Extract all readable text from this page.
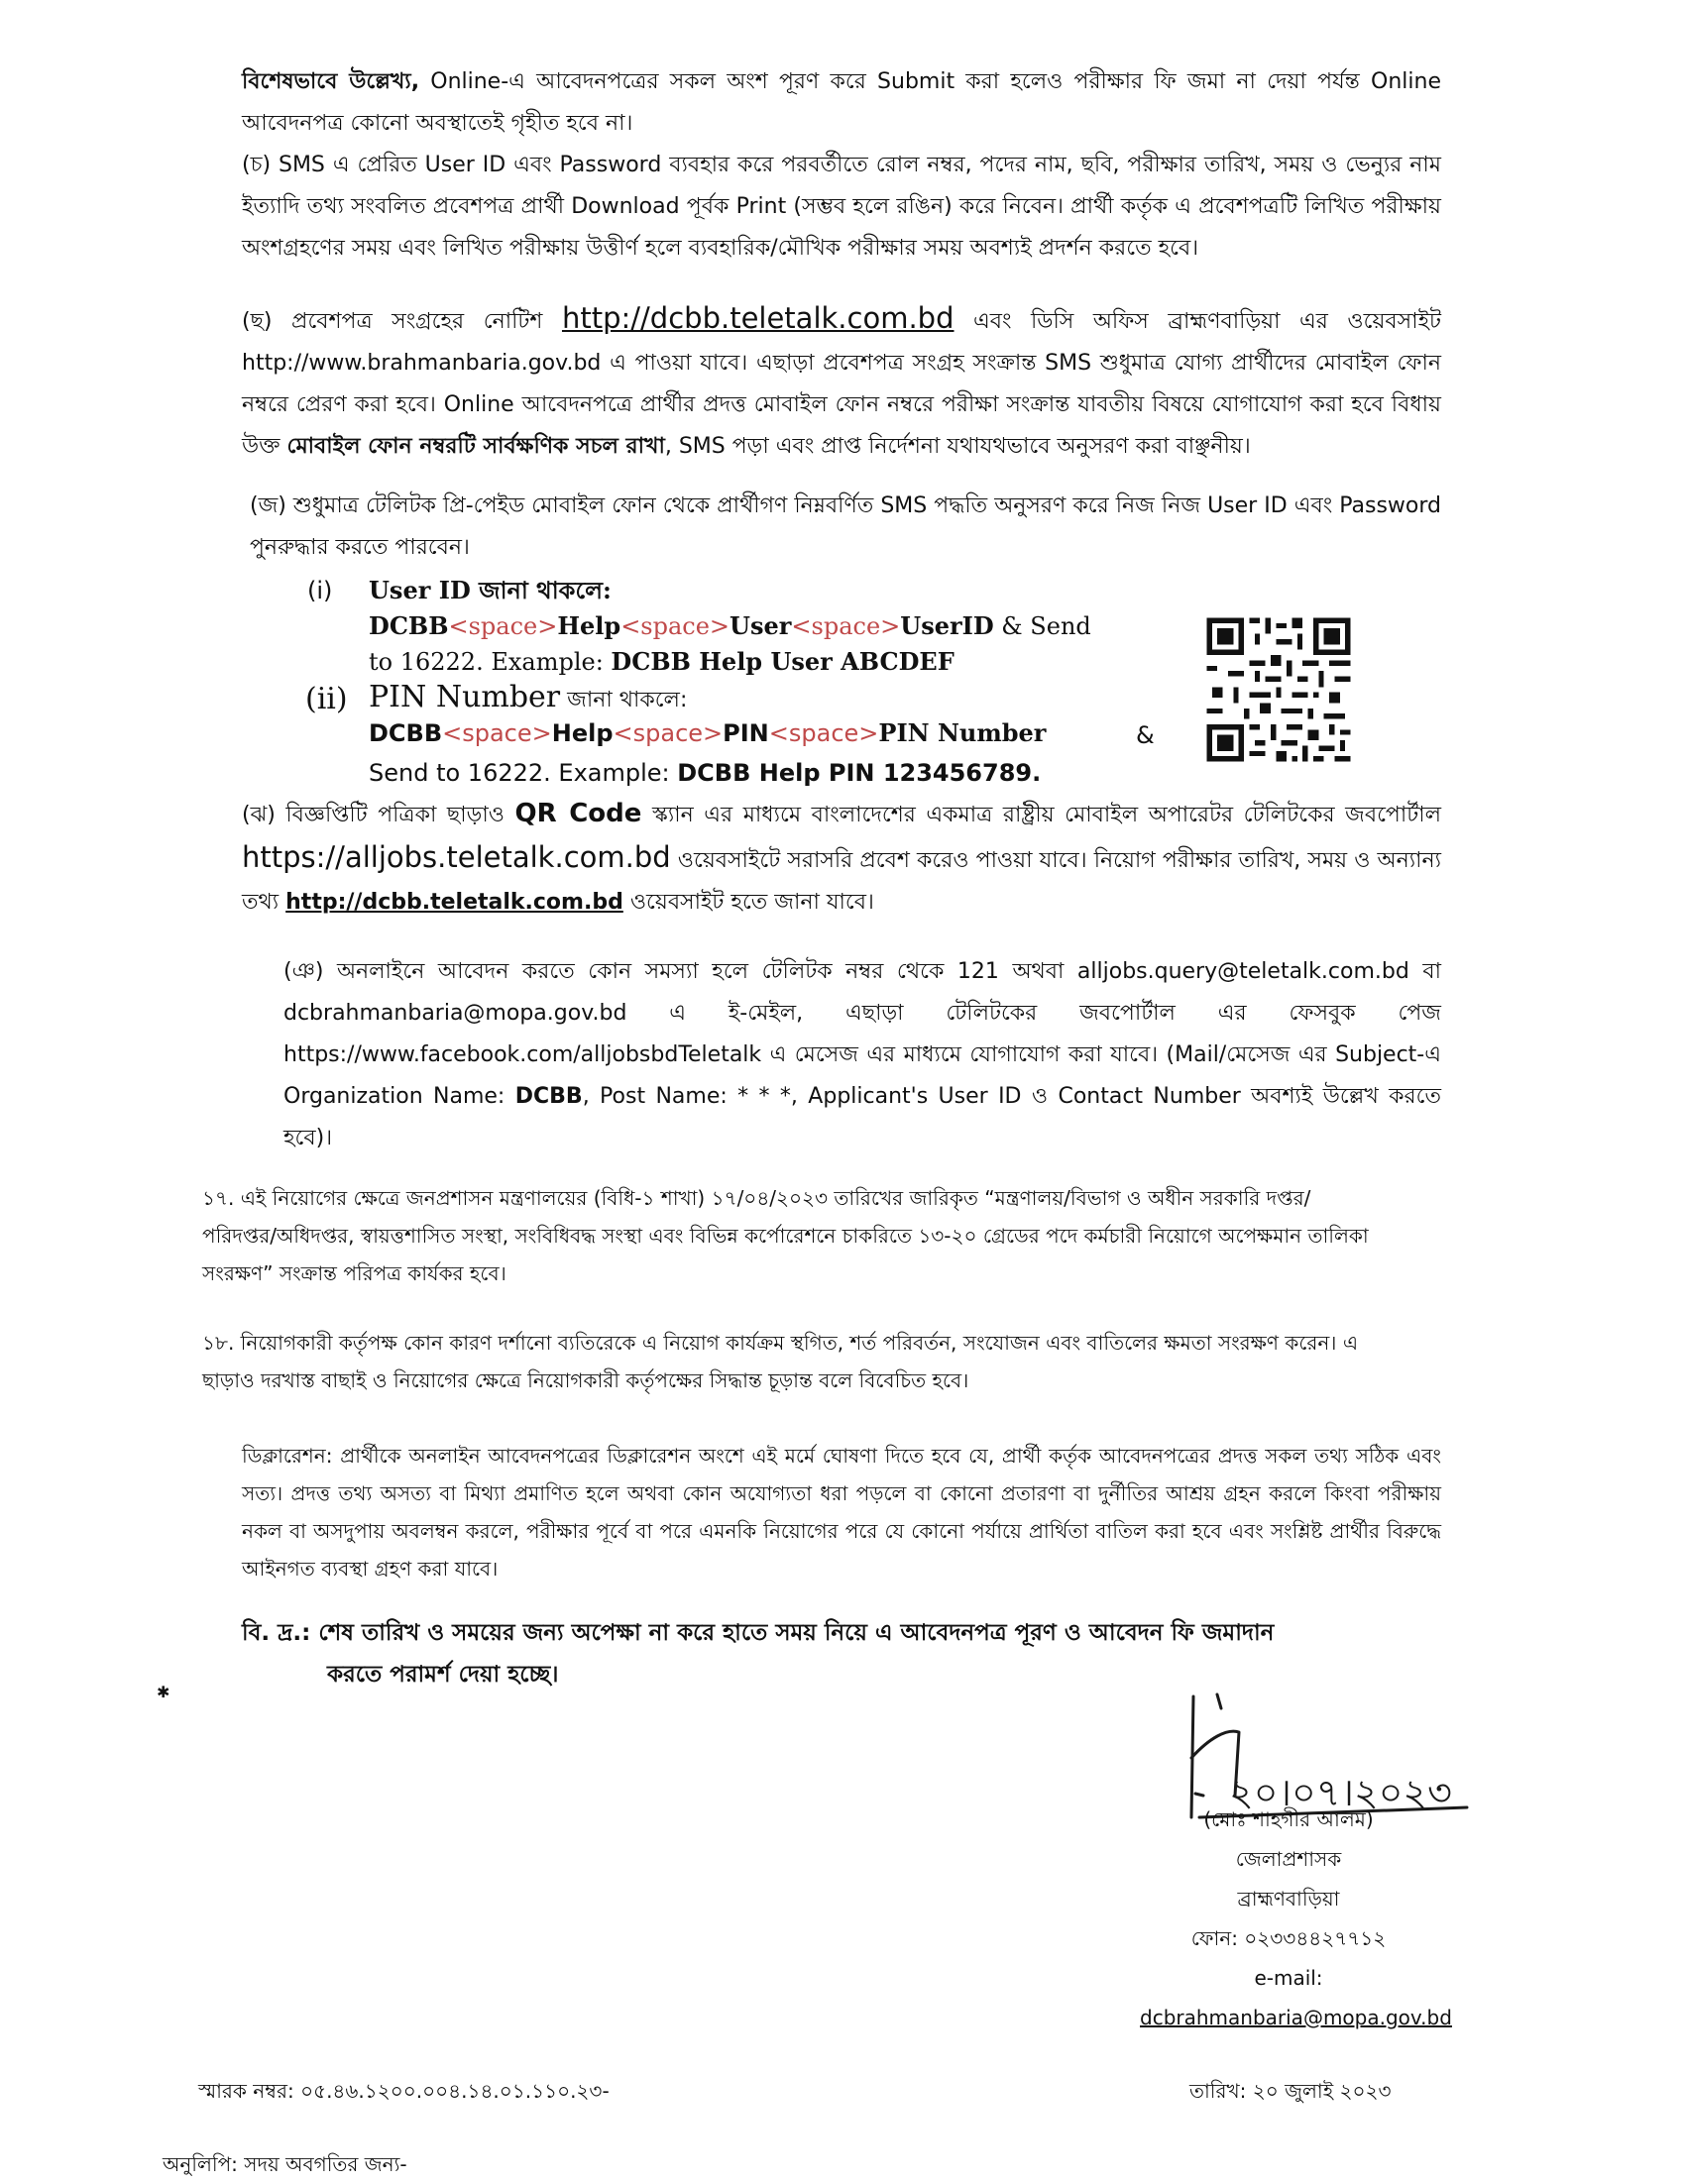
বিশেষভাবে উল্লেখ্য, Online-এ আবেদনপত্রের সকল অংশ পূরণ করে Submit করা হলেও পরীক্ষার ফি জমা না দেয়া পর্যন্ত Online আবেদনপত্র কোনো অবস্থাতেই গৃহীত হবে না।
(চ) SMS এ প্রেরিত User ID এবং Password ব্যবহার করে পরবর্তীতে রোল নম্বর, পদের নাম, ছবি, পরীক্ষার তারিখ, সময় ও ভেন্যুর নাম ইত্যাদি তথ্য সংবলিত প্রবেশপত্র প্রার্থী Download পূর্বক Print (সম্ভব হলে রঙিন) করে নিবেন। প্রার্থী কর্তৃক এ প্রবেশপত্রটি লিখিত পরীক্ষায় অংশগ্রহণের সময় এবং লিখিত পরীক্ষায় উত্তীর্ণ হলে ব্যবহারিক/মৌখিক পরীক্ষার সময় অবশ্যই প্রদর্শন করতে হবে।
(ছ) প্রবেশপত্র সংগ্রহের নোটিশ http://dcbb.teletalk.com.bd এবং ডিসি অফিস ব্রাহ্মণবাড়িয়া এর ওয়েবসাইট http://www.brahmanbaria.gov.bd এ পাওয়া যাবে। এছাড়া প্রবেশপত্র সংগ্রহ সংক্রান্ত SMS শুধুমাত্র যোগ্য প্রার্থীদের মোবাইল ফোন নম্বরে প্রেরণ করা হবে। Online আবেদনপত্রে প্রার্থীর প্রদত্ত মোবাইল ফোন নম্বরে পরীক্ষা সংক্রান্ত যাবতীয় বিষয়ে যোগাযোগ করা হবে বিধায় উক্ত মোবাইল ফোন নম্বরটি সার্বক্ষণিক সচল রাখা, SMS পড়া এবং প্রাপ্ত নির্দেশনা যথাযথভাবে অনুসরণ করা বাঞ্ছনীয়।
(জ) শুধুমাত্র টেলিটক প্রি-পেইড মোবাইল ফোন থেকে প্রার্থীগণ নিম্নবর্ণিত SMS পদ্ধতি অনুসরণ করে নিজ নিজ User ID এবং Password পুনরুদ্ধার করতে পারবেন।
(i) User ID জানা থাকলে:
DCBB<space>Help<space>User<space>UserID & Send
to 16222. Example: DCBB Help User ABCDEF
(ii) PIN Number জানা থাকলে:
DCBB<space>Help<space>PIN<space>PIN Number	&
Send to 16222. Example: DCBB Help PIN 123456789.
(ঝ) বিজ্ঞপ্তিটি পত্রিকা ছাড়াও QR Code স্ক্যান এর মাধ্যমে বাংলাদেশের একমাত্র রাষ্ট্রীয় মোবাইল অপারেটর টেলিটকের জবপোর্টাল https://alljobs.teletalk.com.bd ওয়েবসাইটে সরাসরি প্রবেশ করেও পাওয়া যাবে। নিয়োগ পরীক্ষার তারিখ, সময় ও অন্যান্য তথ্য http://dcbb.teletalk.com.bd ওয়েবসাইট হতে জানা যাবে।
(ঞ) অনলাইনে আবেদন করতে কোন সমস্যা হলে টেলিটক নম্বর থেকে 121 অথবা alljobs.query@teletalk.com.bd বা dcbrahmanbaria@mopa.gov.bd এ ই-মেইল, এছাড়া টেলিটকের জবপোর্টাল এর ফেসবুক পেজ https://www.facebook.com/alljobsbdTeletalk এ মেসেজ এর মাধ্যমে যোগাযোগ করা যাবে। (Mail/মেসেজ এর Subject-এ Organization Name: DCBB, Post Name: * * *, Applicant's User ID ও Contact Number অবশ্যই উল্লেখ করতে হবে)।
১৭. এই নিয়োগের ক্ষেত্রে জনপ্রশাসন মন্ত্রণালয়ের (বিধি-১ শাখা) ১৭/০৪/২০২৩ তারিখের জারিকৃত “মন্ত্রণালয়/বিভাগ ও অধীন সরকারি দপ্তর/পরিদপ্তর/অধিদপ্তর, স্বায়ত্তশাসিত সংস্থা, সংবিধিবদ্ধ সংস্থা এবং বিভিন্ন কর্পোরেশনে চাকরিতে ১৩-২০ গ্রেডের পদে কর্মচারী নিয়োগে অপেক্ষমান তালিকা সংরক্ষণ” সংক্রান্ত পরিপত্র কার্যকর হবে।
১৮. নিয়োগকারী কর্তৃপক্ষ কোন কারণ দর্শানো ব্যতিরেকে এ নিয়োগ কার্যক্রম স্থগিত, শর্ত পরিবর্তন, সংযোজন এবং বাতিলের ক্ষমতা সংরক্ষণ করেন। এ ছাড়াও দরখাস্ত বাছাই ও নিয়োগের ক্ষেত্রে নিয়োগকারী কর্তৃপক্ষের সিদ্ধান্ত চূড়ান্ত বলে বিবেচিত হবে।
ডিক্লারেশন: প্রার্থীকে অনলাইন আবেদনপত্রের ডিক্লারেশন অংশে এই মর্মে ঘোষণা দিতে হবে যে, প্রার্থী কর্তৃক আবেদনপত্রের প্রদত্ত সকল তথ্য সঠিক এবং সত্য। প্রদত্ত তথ্য অসত্য বা মিথ্যা প্রমাণিত হলে অথবা কোন অযোগ্যতা ধরা পড়লে বা কোনো প্রতারণা বা দুর্নীতির আশ্রয় গ্রহন করলে কিংবা পরীক্ষায় নকল বা অসদুপায় অবলম্বন করলে, পরীক্ষার পূর্বে বা পরে এমনকি নিয়োগের পরে যে কোনো পর্যায়ে প্রার্থিতা বাতিল করা হবে এবং সংশ্লিষ্ট প্রার্থীর বিরুদ্ধে আইনগত ব্যবস্থা গ্রহণ করা যাবে।
বি. দ্র.: শেষ তারিখ ও সময়ের জন্য অপেক্ষা না করে হাতে সময় নিয়ে এ আবেদনপত্র পূরণ ও আবেদন ফি জমাদান
করতে পরামর্শ দেয়া হচ্ছে।
✱
২০।০৭।২০২৩
(মোঃ শাহগীর আলম)
জেলাপ্রশাসক
ব্রাহ্মণবাড়িয়া
ফোন: ০২৩৩৪৪২৭৭১২
e-mail:
dcbrahmanbaria@mopa.gov.bd
স্মারক নম্বর: ০৫.৪৬.১২০০.০০৪.১৪.০১.১১০.২৩-	তারিখ: ২০ জুলাই ২০২৩
অনুলিপি: সদয় অবগতির জন্য-
